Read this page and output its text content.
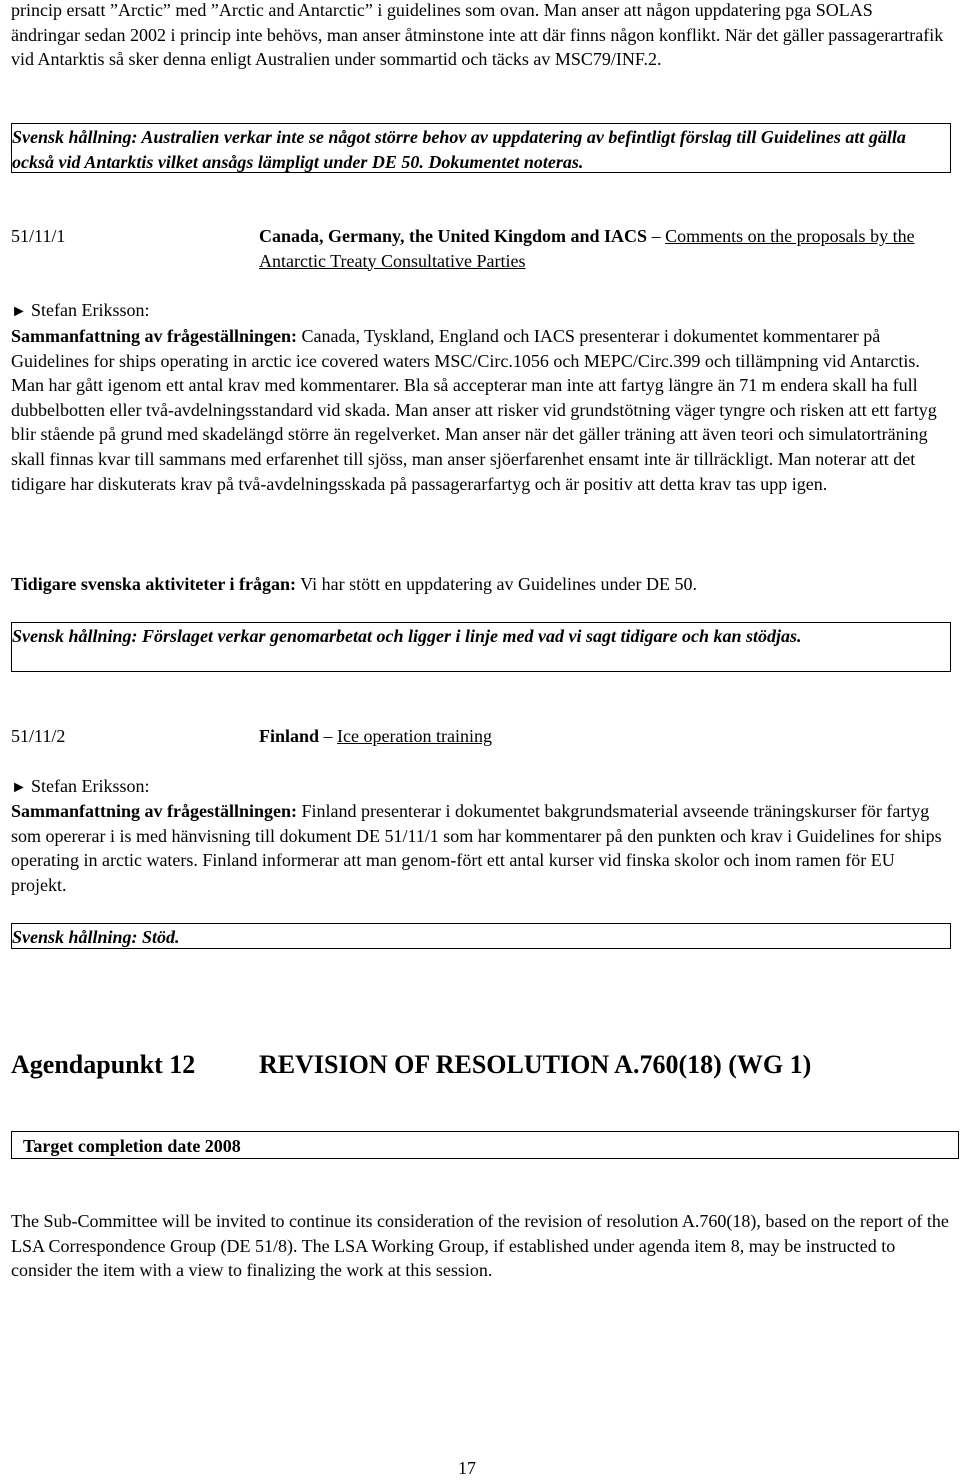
princip ersatt ”Arctic” med ”Arctic and Antarctic” i guidelines som ovan. Man anser att någon uppdatering pga SOLAS ändringar sedan 2002 i princip inte behövs, man anser åtminstone inte att där finns någon konflikt. När det gäller passagerartrafik vid Antarktis så sker denna enligt Australien under sommartid och täcks av MSC79/INF.2.

Svensk hållning: Australien verkar inte se något större behov av uppdatering av befintligt förslag till Guidelines att gälla också vid Antarktis vilket ansågs lämpligt under DE 50. Dokumentet noteras.
51/11/1	Canada, Germany, the United Kingdom and IACS – Comments on the proposals by the Antarctic Treaty Consultative Parties
► Stefan Eriksson:

Sammanfattning av frågeställningen: Canada, Tyskland, England och IACS presenterar i dokumentet kommentarer på Guidelines for ships operating in arctic ice covered waters MSC/Circ.1056 och MEPC/Circ.399 och tillämpning vid Antarctis. Man har gått igenom ett antal krav med kommentarer. Bla så accepterar man inte att fartyg längre än 71 m endera skall ha full dubbelbotten eller två-avdelningsstandard vid skada. Man anser att risker vid grundstötning väger tyngre och risken att ett fartyg blir stående på grund med skadelängd större än regelverket. Man anser när det gäller träning att även teori och simulatorträning skall finnas kvar till sammans med erfarenhet till sjöss, man anser sjöerfarenhet ensamt inte är tillräckligt. Man noterar att det tidigare har diskuterats krav på två-avdelningsskada på passagerarfartyg och är positiv att detta krav tas upp igen.

Tidigare svenska aktiviteter i frågan: Vi har stött en uppdatering av Guidelines under DE 50.

Svensk hållning: Förslaget verkar genomarbetat och ligger i linje med vad vi sagt tidigare och kan stödjas.
51/11/2	Finland – Ice operation training
► Stefan Eriksson:

Sammanfattning av frågeställningen: Finland presenterar i dokumentet bakgrundsmaterial avseende träningskurser för fartyg som opererar i is med hänvisning till dokument DE 51/11/1 som har kommentarer på den punkten och krav i Guidelines for ships operating in arctic waters. Finland informerar att man genom-fört ett antal kurser vid finska skolor och inom ramen för EU projekt.

Svensk hållning: Stöd.
Agendapunkt 12 REVISION OF RESOLUTION A.760(18) (WG 1)
Target completion date 2008

The Sub-Committee will be invited to continue its consideration of the revision of resolution A.760(18), based on the report of the LSA Correspondence Group (DE 51/8). The LSA Working Group, if established under agenda item 8, may be instructed to consider the item with a view to finalizing the work at this session.

17
